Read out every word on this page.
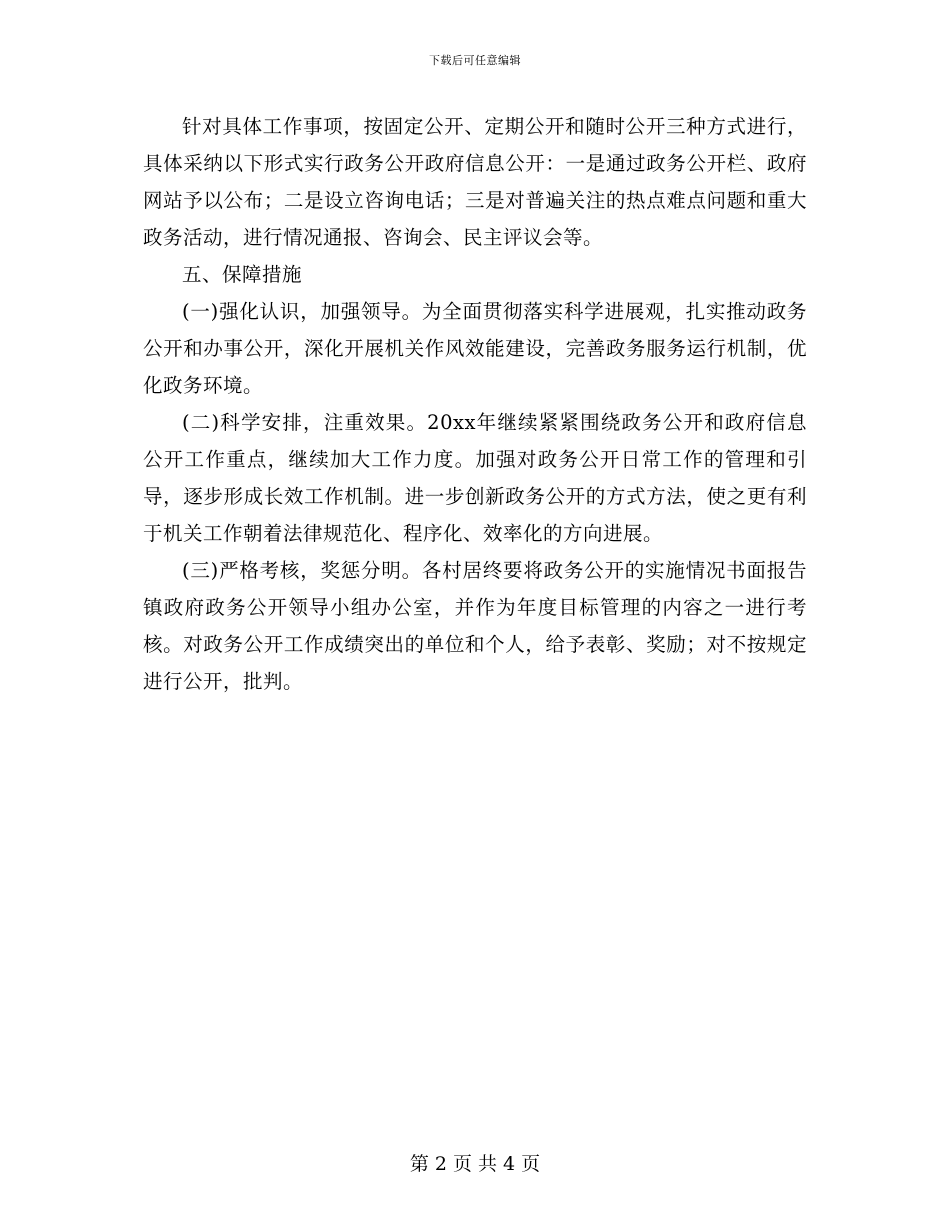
下载后可任意编辑

针对具体工作事项，按固定公开、定期公开和随时公开三种方式进行，具体采纳以下形式实行政务公开政府信息公开：一是通过政务公开栏、政府网站予以公布；二是设立咨询电话；三是对普遍关注的热点难点问题和重大政务活动，进行情况通报、咨询会、民主评议会等。

五、保障措施

(一)强化认识，加强领导。为全面贯彻落实科学进展观，扎实推动政务公开和办事公开，深化开展机关作风效能建设，完善政务服务运行机制，优化政务环境。

(二)科学安排，注重效果。20xx年继续紧紧围绕政务公开和政府信息公开工作重点，继续加大工作力度。加强对政务公开日常工作的管理和引导，逐步形成长效工作机制。进一步创新政务公开的方式方法，使之更有利于机关工作朝着法律规范化、程序化、效率化的方向进展。

(三)严格考核，奖惩分明。各村居终要将政务公开的实施情况书面报告镇政府政务公开领导小组办公室，并作为年度目标管理的内容之一进行考核。对政务公开工作成绩突出的单位和个人，给予表彰、奖励；对不按规定进行公开，批判。

第 2 页 共 4 页
